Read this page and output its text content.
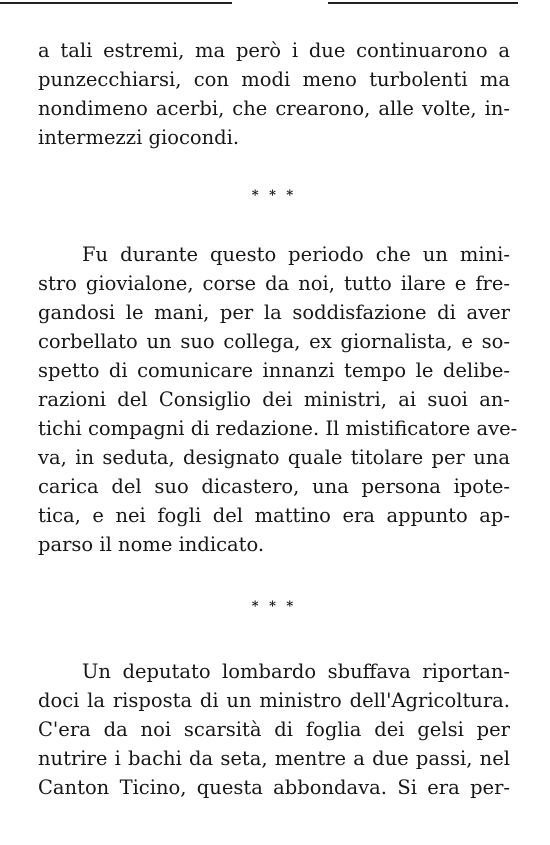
a tali estremi, ma però i due continuarono a
punzecchiarsi, con modi meno turbolenti ma
nondimeno acerbi, che crearono, alle volte, in-
intermezzi giocondi.
* * *
Fu durante questo periodo che un mini-
stro giovialone, corse da noi, tutto ilare e fre-
gandosi le mani, per la soddisfazione di aver
corbellato un suo collega, ex giornalista, e so-
spetto di comunicare innanzi tempo le delibe-
razioni del Consiglio dei ministri, ai suoi an-
tichi compagni di redazione. Il mistificatore ave-
va, in seduta, designato quale titolare per una
carica del suo dicastero, una persona ipote-
tica, e nei fogli del mattino era appunto ap-
parso il nome indicato.
* * *
Un deputato lombardo sbuffava riportan-
doci la risposta di un ministro dell'Agricoltura.
C'era da noi scarsità di foglia dei gelsi per
nutrire i bachi da seta, mentre a due passi, nel
Canton Ticino, questa abbondava. Si era per-
